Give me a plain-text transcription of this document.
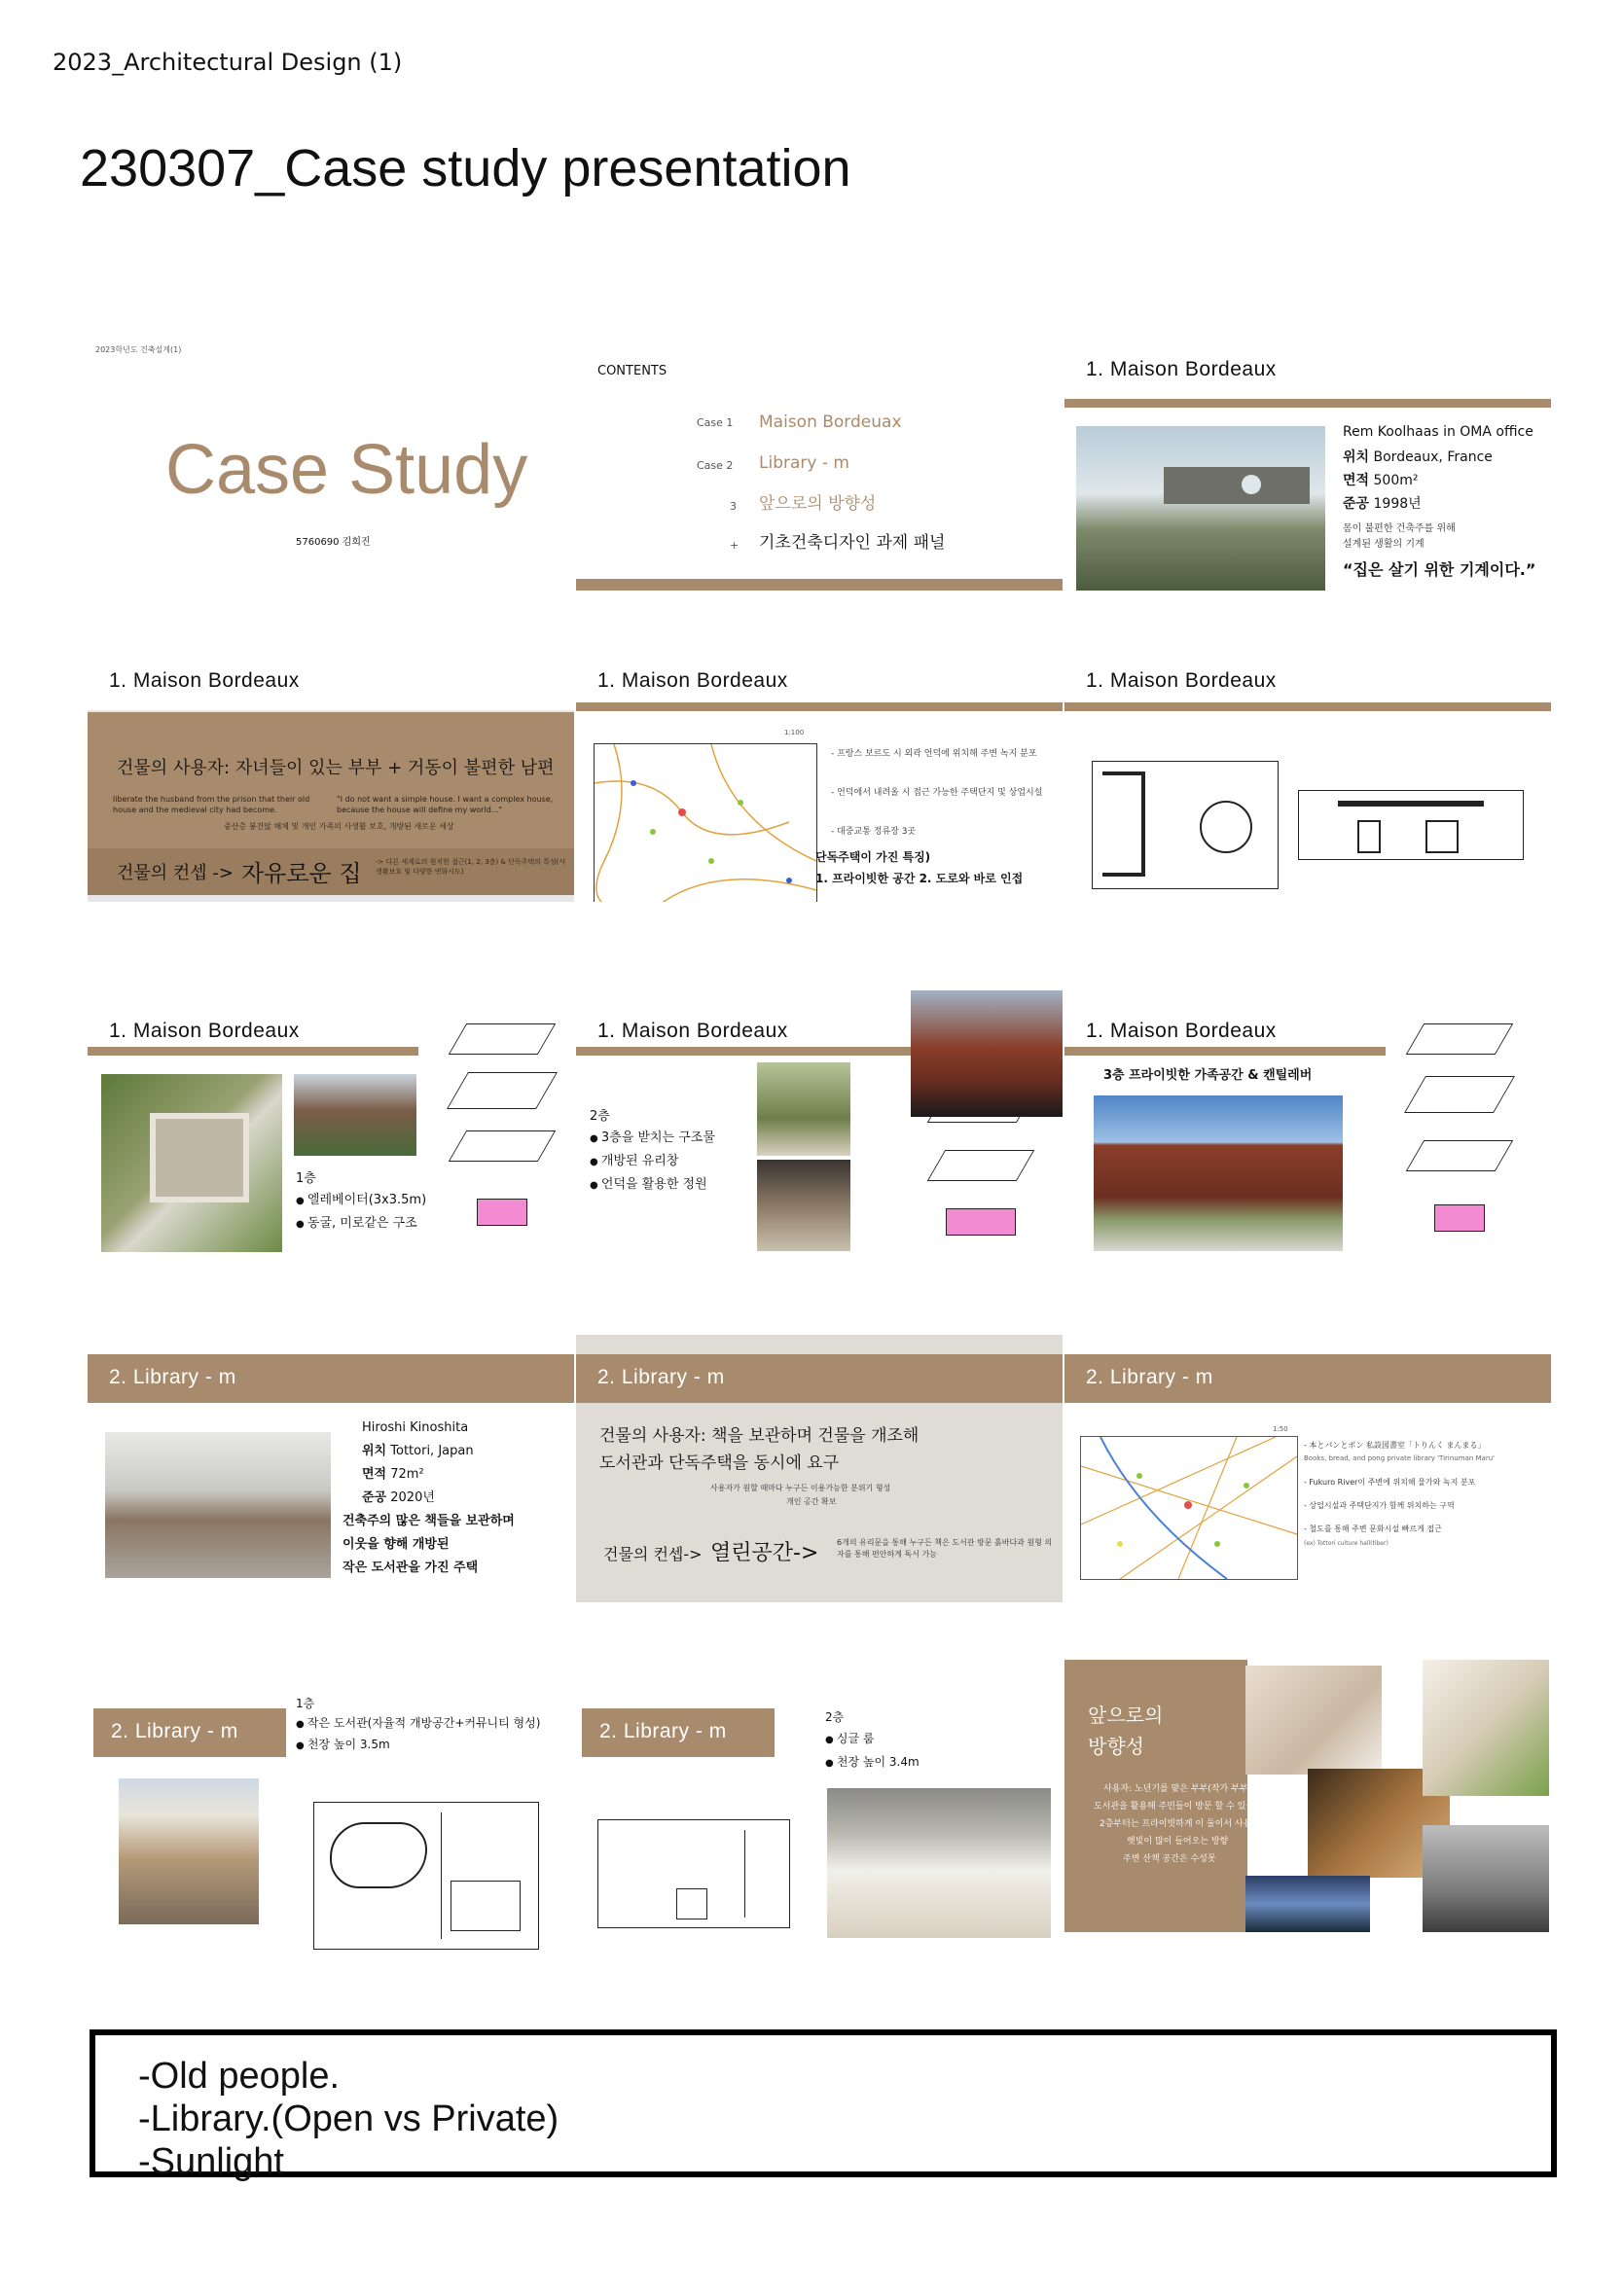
2023_Architectural Design (1)
230307_Case study presentation
2023학년도 건축설계(1)
Case Study
5760690 김희진
CONTENTS
Case 1 Maison Bordeuax
Case 2 Library - m
3 앞으로의 방향성
+ 기초건축디자인 과제 패널
1. Maison Bordeaux
Rem Koolhaas in OMA office
위치 Bordeaux, France
면적 500m²
준공 1998년
몸이 불편한 건축주를 위해
설계된 생활의 기계
“집은 살기 위한 기계이다.”
1. Maison Bordeaux
건물의 사용자: 자녀들이 있는 부부 + 거동이 불편한 남편
liberate the husband from the prison that their old house and the medieval city had become.
"I do not want a simple house. I want a complex house, because the house will define my world..."
중산층 봉건않 해체 및 개인 가족의 사생활 보호, 개방된 새로운 세상
건물의 컨셉 -> 자유로운 집 -> 다른 세계로의 원치한 접근(1, 2, 3층) & 단독주택의 특성(사생활보호 및 다양한 변화시도)
1. Maison Bordeaux
1:100
- 프랑스 보르도 시 외곽 언덕에 위치해 주변 녹지 분포
- 언덕에서 내려올 시 접근 가능한 주택단지 및 상업시설
- 대중교통 정류장 3곳
단독주택이 가진 특징)
1. 프라이빗한 공간 2. 도로와 바로 인접
1. Maison Bordeaux
1. Maison Bordeaux
1층
● 엘레베이터(3x3.5m)
● 동굴, 미로같은 구조
1. Maison Bordeaux
2층
● 3층을 받치는 구조물
● 개방된 유리창
● 언덕을 활용한 정원
1. Maison Bordeaux
3층 프라이빗한 가족공간 & 캔틸레버
2. Library - m
Hiroshi Kinoshita
위치 Tottori, Japan
면적 72m²
준공 2020년
건축주의 많은 책들을 보관하며
이웃을 향해 개방된
작은 도서관을 가진 주택
2. Library - m
건물의 사용자: 책을 보관하며 건물을 개조해
도서관과 단독주택을 동시에 요구
사용자가 원할 때마다 누구든 이용가능한 분위기 형성
개인 공간 확보
건물의 컨셉-> 열린공간-> 6개의 유리문을 통해 누구든 책은 도서관 방문 흙바다과 원형 의자를 통해 편안하게 독서 가능
2. Library - m
1:50
- 本とパンとポン 私設図書室「トりんく まんまる」
Books, bread, and pong private library 'Tirinuman Maru'
- Fukuro River이 주변에 위치해 물가와 녹지 분포
- 상업시설과 주택단지가 함께 위치하는 구역
- 철도를 통해 주변 문화시설 빠르게 접근
(ex) Tottori culture hall(tiber)
2. Library - m
1층
● 작은 도서관(자율적 개방공간+커뮤니티 형성)
● 천장 높이 3.5m
2. Library - m
2층
● 싱글 룸
● 천장 높이 3.4m
앞으로의
방향성
사용자: 노년기를 맞은 부부(작가 부부)
도서관을 활용해 주민들이 방문 할 수 있음
2층부터는 프라이빗하게 이 둘이서 사용
햇빛이 많이 들어오는 방향
주변 산책 공간은 수성못
-Old people.
-Library.(Open vs Private)
-Sunlight
